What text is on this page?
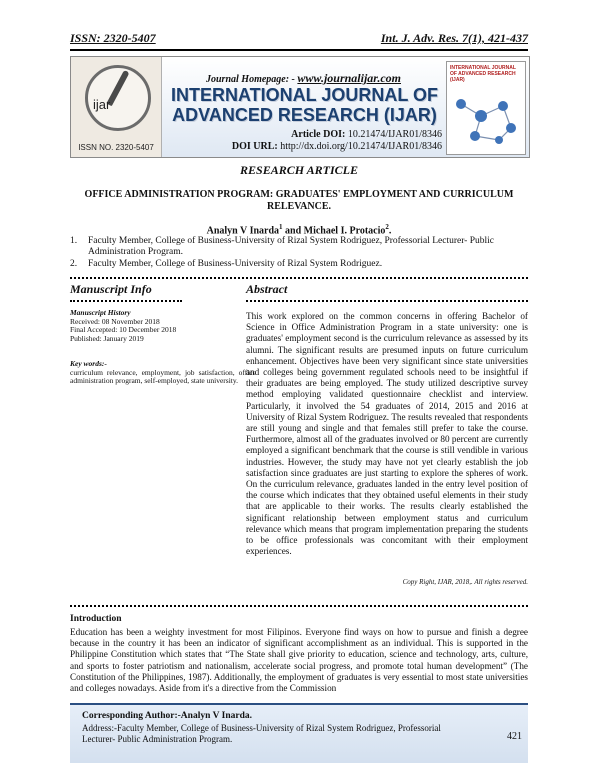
ISSN: 2320-5407	Int. J. Adv. Res. 7(1), 421-437
ijar
ISSN NO. 2320-5407
Journal Homepage: - www.journalijar.com
INTERNATIONAL JOURNAL OF ADVANCED RESEARCH (IJAR)
Article DOI: 10.21474/IJAR01/8346
DOI URL: http://dx.doi.org/10.21474/IJAR01/8346
INTERNATIONAL JOURNAL OF ADVANCED RESEARCH (IJAR)
RESEARCH ARTICLE
OFFICE ADMINISTRATION PROGRAM: GRADUATES' EMPLOYMENT AND CURRICULUM RELEVANCE.
Analyn V Inarda$^1$ and Michael I. Protacio$^2$.
1. Faculty Member, College of Business-University of Rizal System Rodriguez, Professorial Lecturer- Public Administration Program.
2. Faculty Member, College of Business-University of Rizal System Rodriguez.
Manuscript Info	Abstract
Manuscript History
Received: 08 November 2018
Final Accepted: 10 December 2018
Published: January 2019
Key words:-
curriculum relevance, employment, job satisfaction, office administration program, self-employed, state university.
This work explored on the common concerns in offering Bachelor of Science in Office Administration Program in a state university: one is graduates' employment second is the curriculum relevance as assessed by its alumni. The significant results are presumed inputs on future curriculum enhancement. Objectives have been very significant since state universities and colleges being government regulated schools need to be insightful if their graduates are being employed. The study utilized descriptive survey method employing validated questionnaire checklist and interview. Particularly, it involved the 54 graduates of 2014, 2015 and 2016 at University of Rizal System Rodriguez. The results revealed that respondents are still young and single and that females still prefer to take the course. Furthermore, almost all of the graduates involved or 80 percent are currently employed a significant benchmark that the course is still vendible in various industries. However, the study may have not yet clearly establish the job satisfaction since graduates are just starting to explore the spheres of work. On the curriculum relevance, graduates landed in the entry level position of the course which indicates that they obtained useful elements in their study that are applicable to their works. The results clearly established the significant relationship between employment status and curriculum relevance which means that program implementation preparing the students to be office professionals was concomitant with their employment experiences.
Copy Right, IJAR, 2018,. All rights reserved.
Introduction
Education has been a weighty investment for most Filipinos. Everyone find ways on how to pursue and finish a degree because in the country it has been an indicator of significant accomplishment as an individual. This is supported in the Philippine Constitution which states that “The State shall give priority to education, science and technology, arts, culture, and sports to foster patriotism and nationalism, accelerate social progress, and promote total human development” (The Constitution of the Philippines, 1987). Additionally, the employment of graduates is very essential to most state universities and colleges nowadays. Aside from it's a directive from the Commission
Corresponding Author:-Analyn V Inarda.
Address:-Faculty Member, College of Business-University of Rizal System Rodriguez, Professorial Lecturer- Public Administration Program.	421
